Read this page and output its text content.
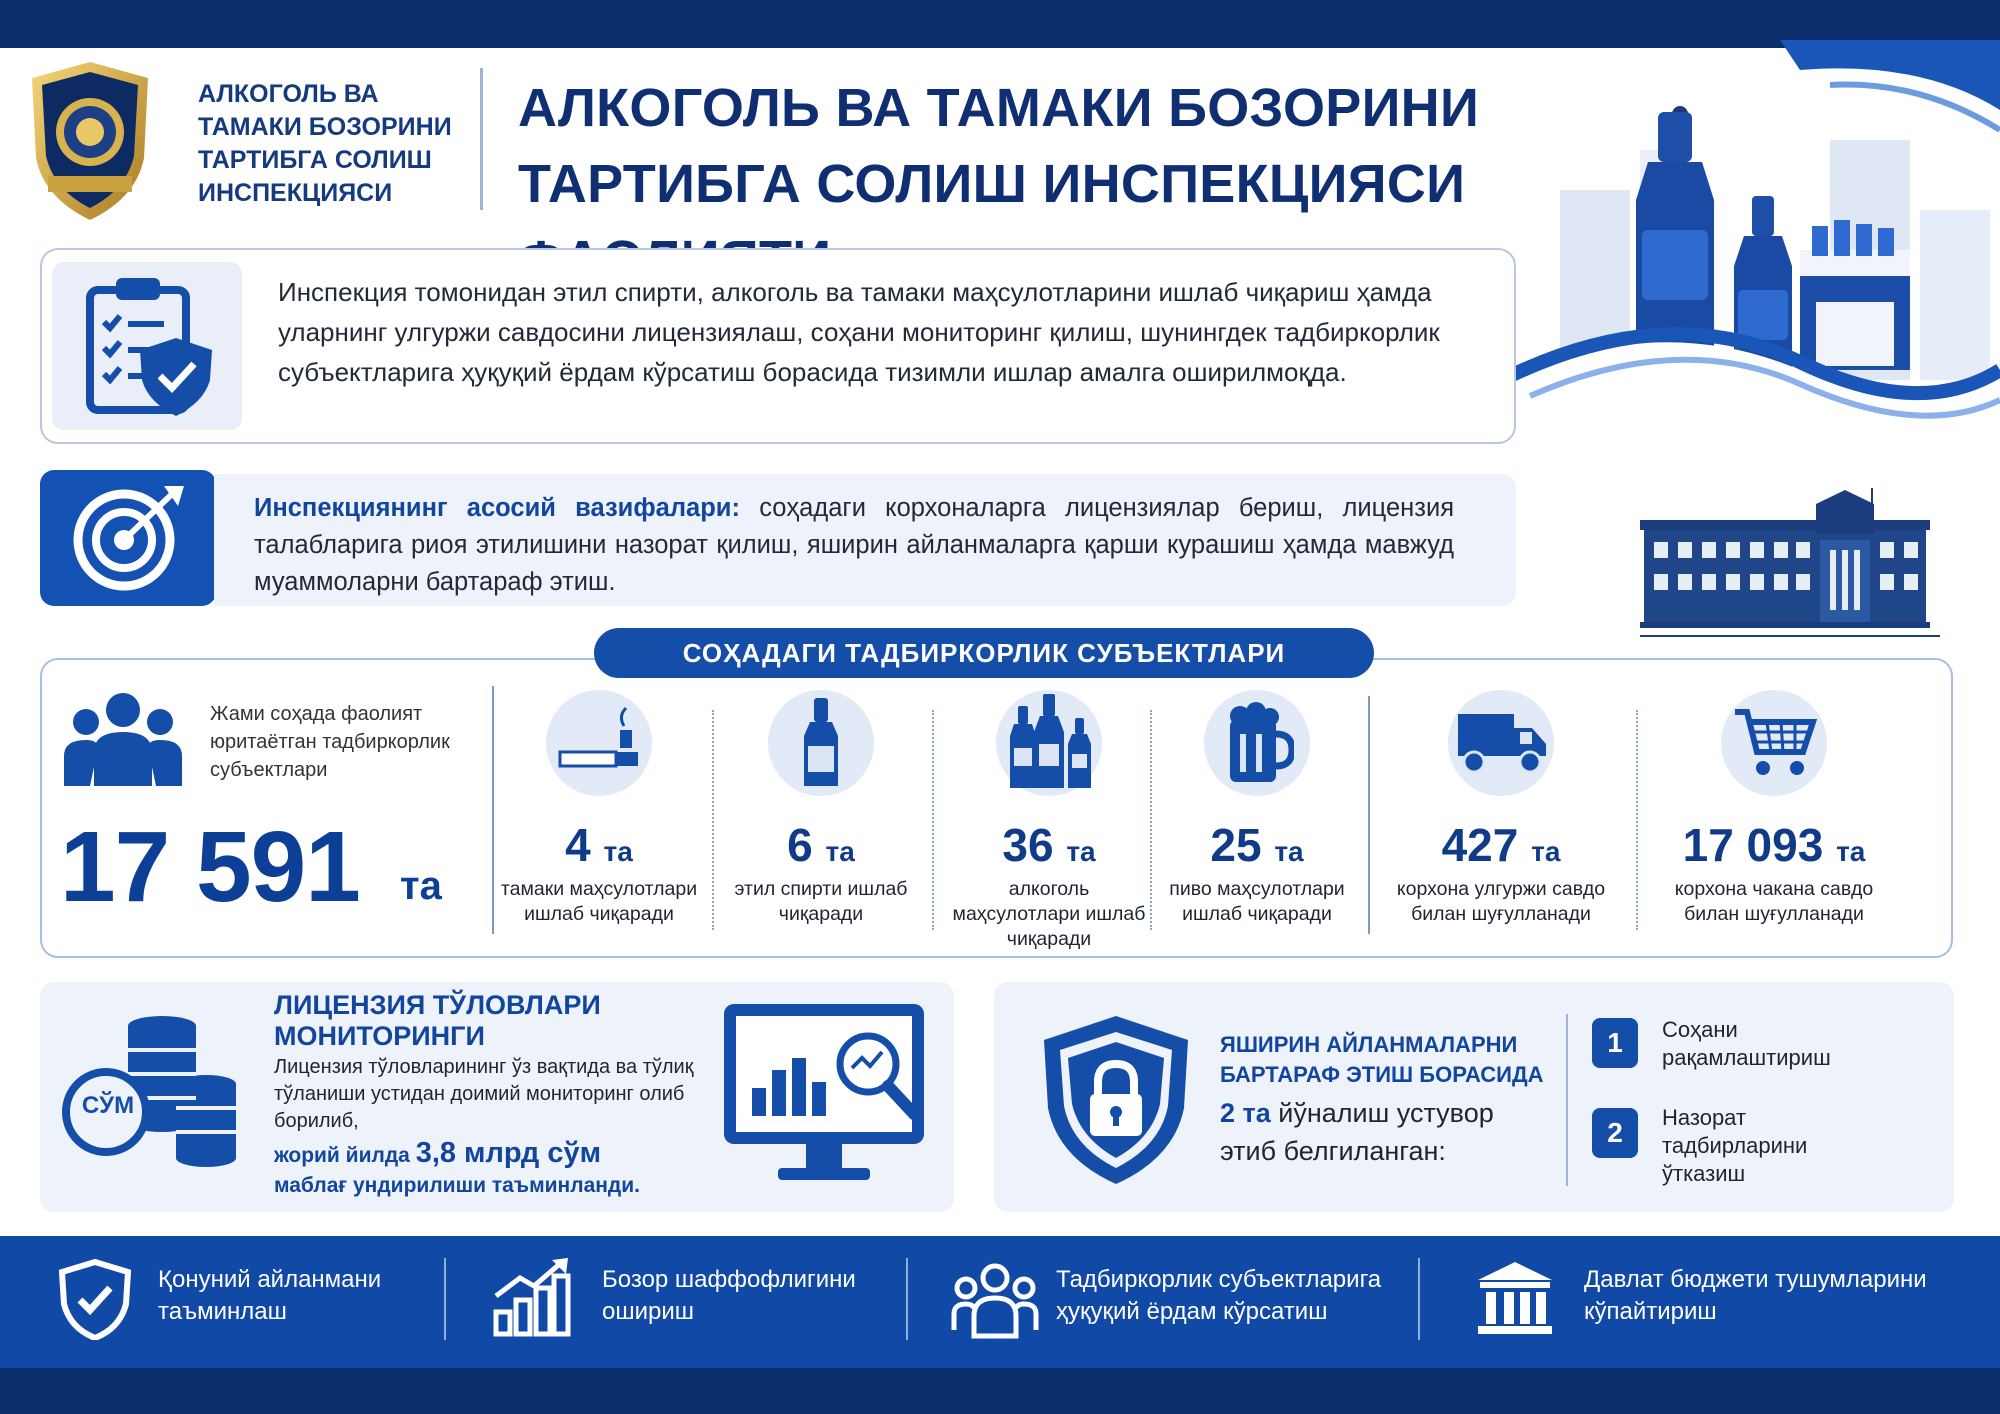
АЛКОГОЛЬ ВА ТАМАКИ БОЗОРИНИ ТАРТИБГА СОЛИШ ИНСПЕКЦИЯСИ
АЛКОГОЛЬ ВА ТАМАКИ БОЗОРИНИ
ТАРТИБГА СОЛИШ ИНСПЕКЦИЯСИ
Инспекция томонидан этил спирти, алкоголь ва тамаки маҳсулотларини ишлаб чиқариш ҳамда уларнинг улгуржи савдосини лицензиялаш, соҳани мониторинг қилиш, шунингдек тадбиркорлик субъектларига ҳуқуқий ёрдам кўрсатиш борасида тизимли ишлар амалга оширилмоқда.
Инспекциянинг асосий вазифалари: соҳадаги корхоналарга лицензиялар бериш, лицензия талабларига риоя этилишини назорат қилиш, яширин айланмаларга қарши курашиш ҳамда мавжуд муаммоларни бартараф этиш.
СОҲАДАГИ ТАДБИРКОРЛИК СУБЪЕКТЛАРИ
Жами соҳада фаолият юритаётган тадбиркорлик субъектлари
17 591 та
4 та
тамаки маҳсулотлари ишлаб чиқаради
6 та
этил спирти ишлаб чиқаради
36 та
алкоголь маҳсулотлари ишлаб чиқаради
25 та
пиво маҳсулотлари ишлаб чиқаради
427 та
корхона улгуржи савдо билан шуғулланади
17 093 та
корхона чакана савдо билан шуғулланади
СЎМ
ЛИЦЕНЗИЯ ТЎЛОВЛАРИ МОНИТОРИНГИ
Лицензия тўловларининг ўз вақтида ва тўлиқ тўланиши устидан доимий мониторинг олиб борилиб,
жорий йилда 3,8 млрд сўм
маблағ ундирилиши таъминланди.
ЯШИРИН АЙЛАНМАЛАРНИ БАРТАРАФ ЭТИШ БОРАСИДА
2 та йўналиш устувор этиб белгиланган:
1	Соҳани рақамлаштириш
2	Назорат тадбирларини ўтказиш
Қонуний айланмани таъминлаш
Бозор шаффофлигини ошириш
Тадбиркорлик субъектларига ҳуқуқий ёрдам кўрсатиш
Давлат бюджети тушумларини кўпайтириш
